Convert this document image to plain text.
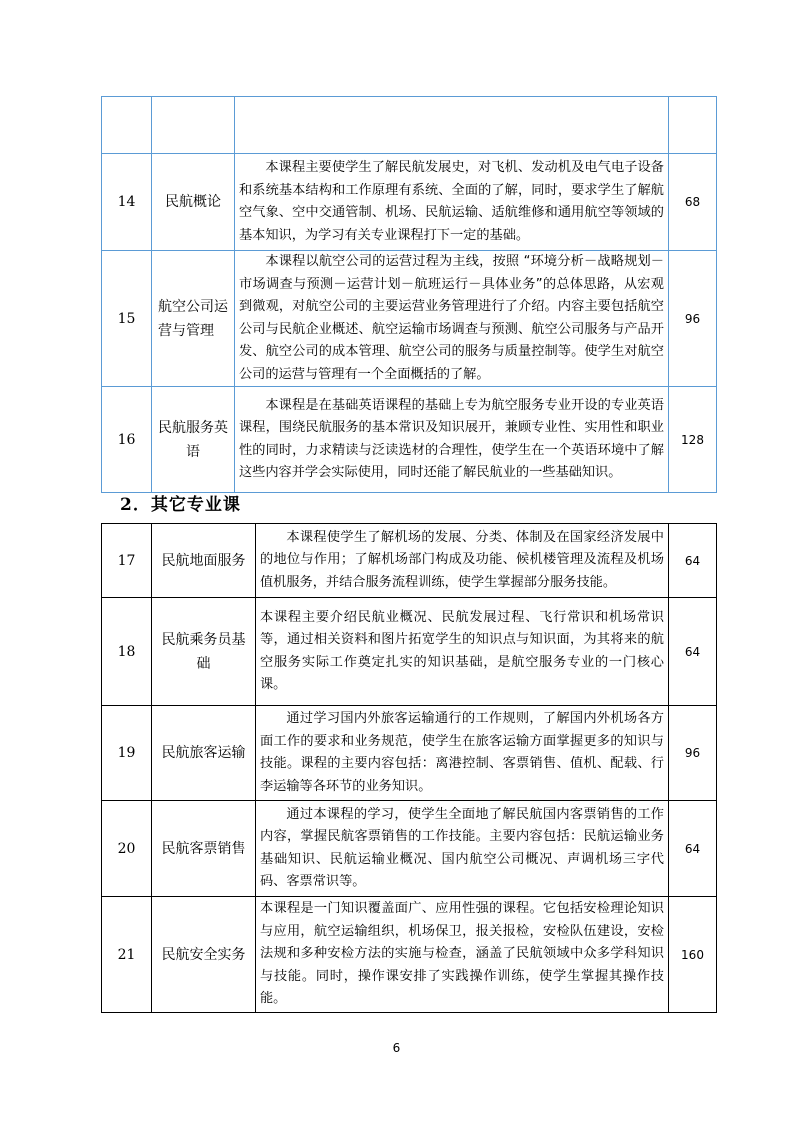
14	民航概论	本课程主要使学生了解民航发展史，对飞机、发动机及电气电子设备和系统基本结构和工作原理有系统、全面的了解，同时，要求学生了解航空气象、空中交通管制、机场、民航运输、适航维修和通用航空等领域的基本知识，为学习有关专业课程打下一定的基础。	68
15	航空公司运营与管理	本课程以航空公司的运营过程为主线，按照 “环境分析－战略规划－市场调查与预测－运营计划－航班运行－具体业务”的总体思路，从宏观到微观，对航空公司的主要运营业务管理进行了介绍。内容主要包括航空公司与民航企业概述、航空运输市场调查与预测、航空公司服务与产品开发、航空公司的成本管理、航空公司的服务与质量控制等。使学生对航空公司的运营与管理有一个全面概括的了解。	96
16	民航服务英语	本课程是在基础英语课程的基础上专为航空服务专业开设的专业英语课程，围绕民航服务的基本常识及知识展开，兼顾专业性、实用性和职业性的同时，力求精读与泛读选材的合理性，使学生在一个英语环境中了解这些内容并学会实际使用，同时还能了解民航业的一些基础知识。	128
2．其它专业课
17	民航地面服务	本课程使学生了解机场的发展、分类、体制及在国家经济发展中的地位与作用；了解机场部门构成及功能、候机楼管理及流程及机场值机服务，并结合服务流程训练，使学生掌握部分服务技能。	64
18	民航乘务员基础	本课程主要介绍民航业概况、民航发展过程、飞行常识和机场常识等，通过相关资料和图片拓宽学生的知识点与知识面，为其将来的航空服务实际工作奠定扎实的知识基础，是航空服务专业的一门核心课。	64
19	民航旅客运输	通过学习国内外旅客运输通行的工作规则，了解国内外机场各方面工作的要求和业务规范，使学生在旅客运输方面掌握更多的知识与技能。课程的主要内容包括：离港控制、客票销售、值机、配载、行李运输等各环节的业务知识。	96
20	民航客票销售	通过本课程的学习，使学生全面地了解民航国内客票销售的工作内容，掌握民航客票销售的工作技能。主要内容包括：民航运输业务基础知识、民航运输业概况、国内航空公司概况、声调机场三字代码、客票常识等。	64
21	民航安全实务	本课程是一门知识覆盖面广、应用性强的课程。它包括安检理论知识与应用，航空运输组织，机场保卫，报关报检，安检队伍建设，安检法规和多种安检方法的实施与检查，涵盖了民航领域中众多学科知识与技能。同时，操作课安排了实践操作训练，使学生掌握其操作技能。	160
6
